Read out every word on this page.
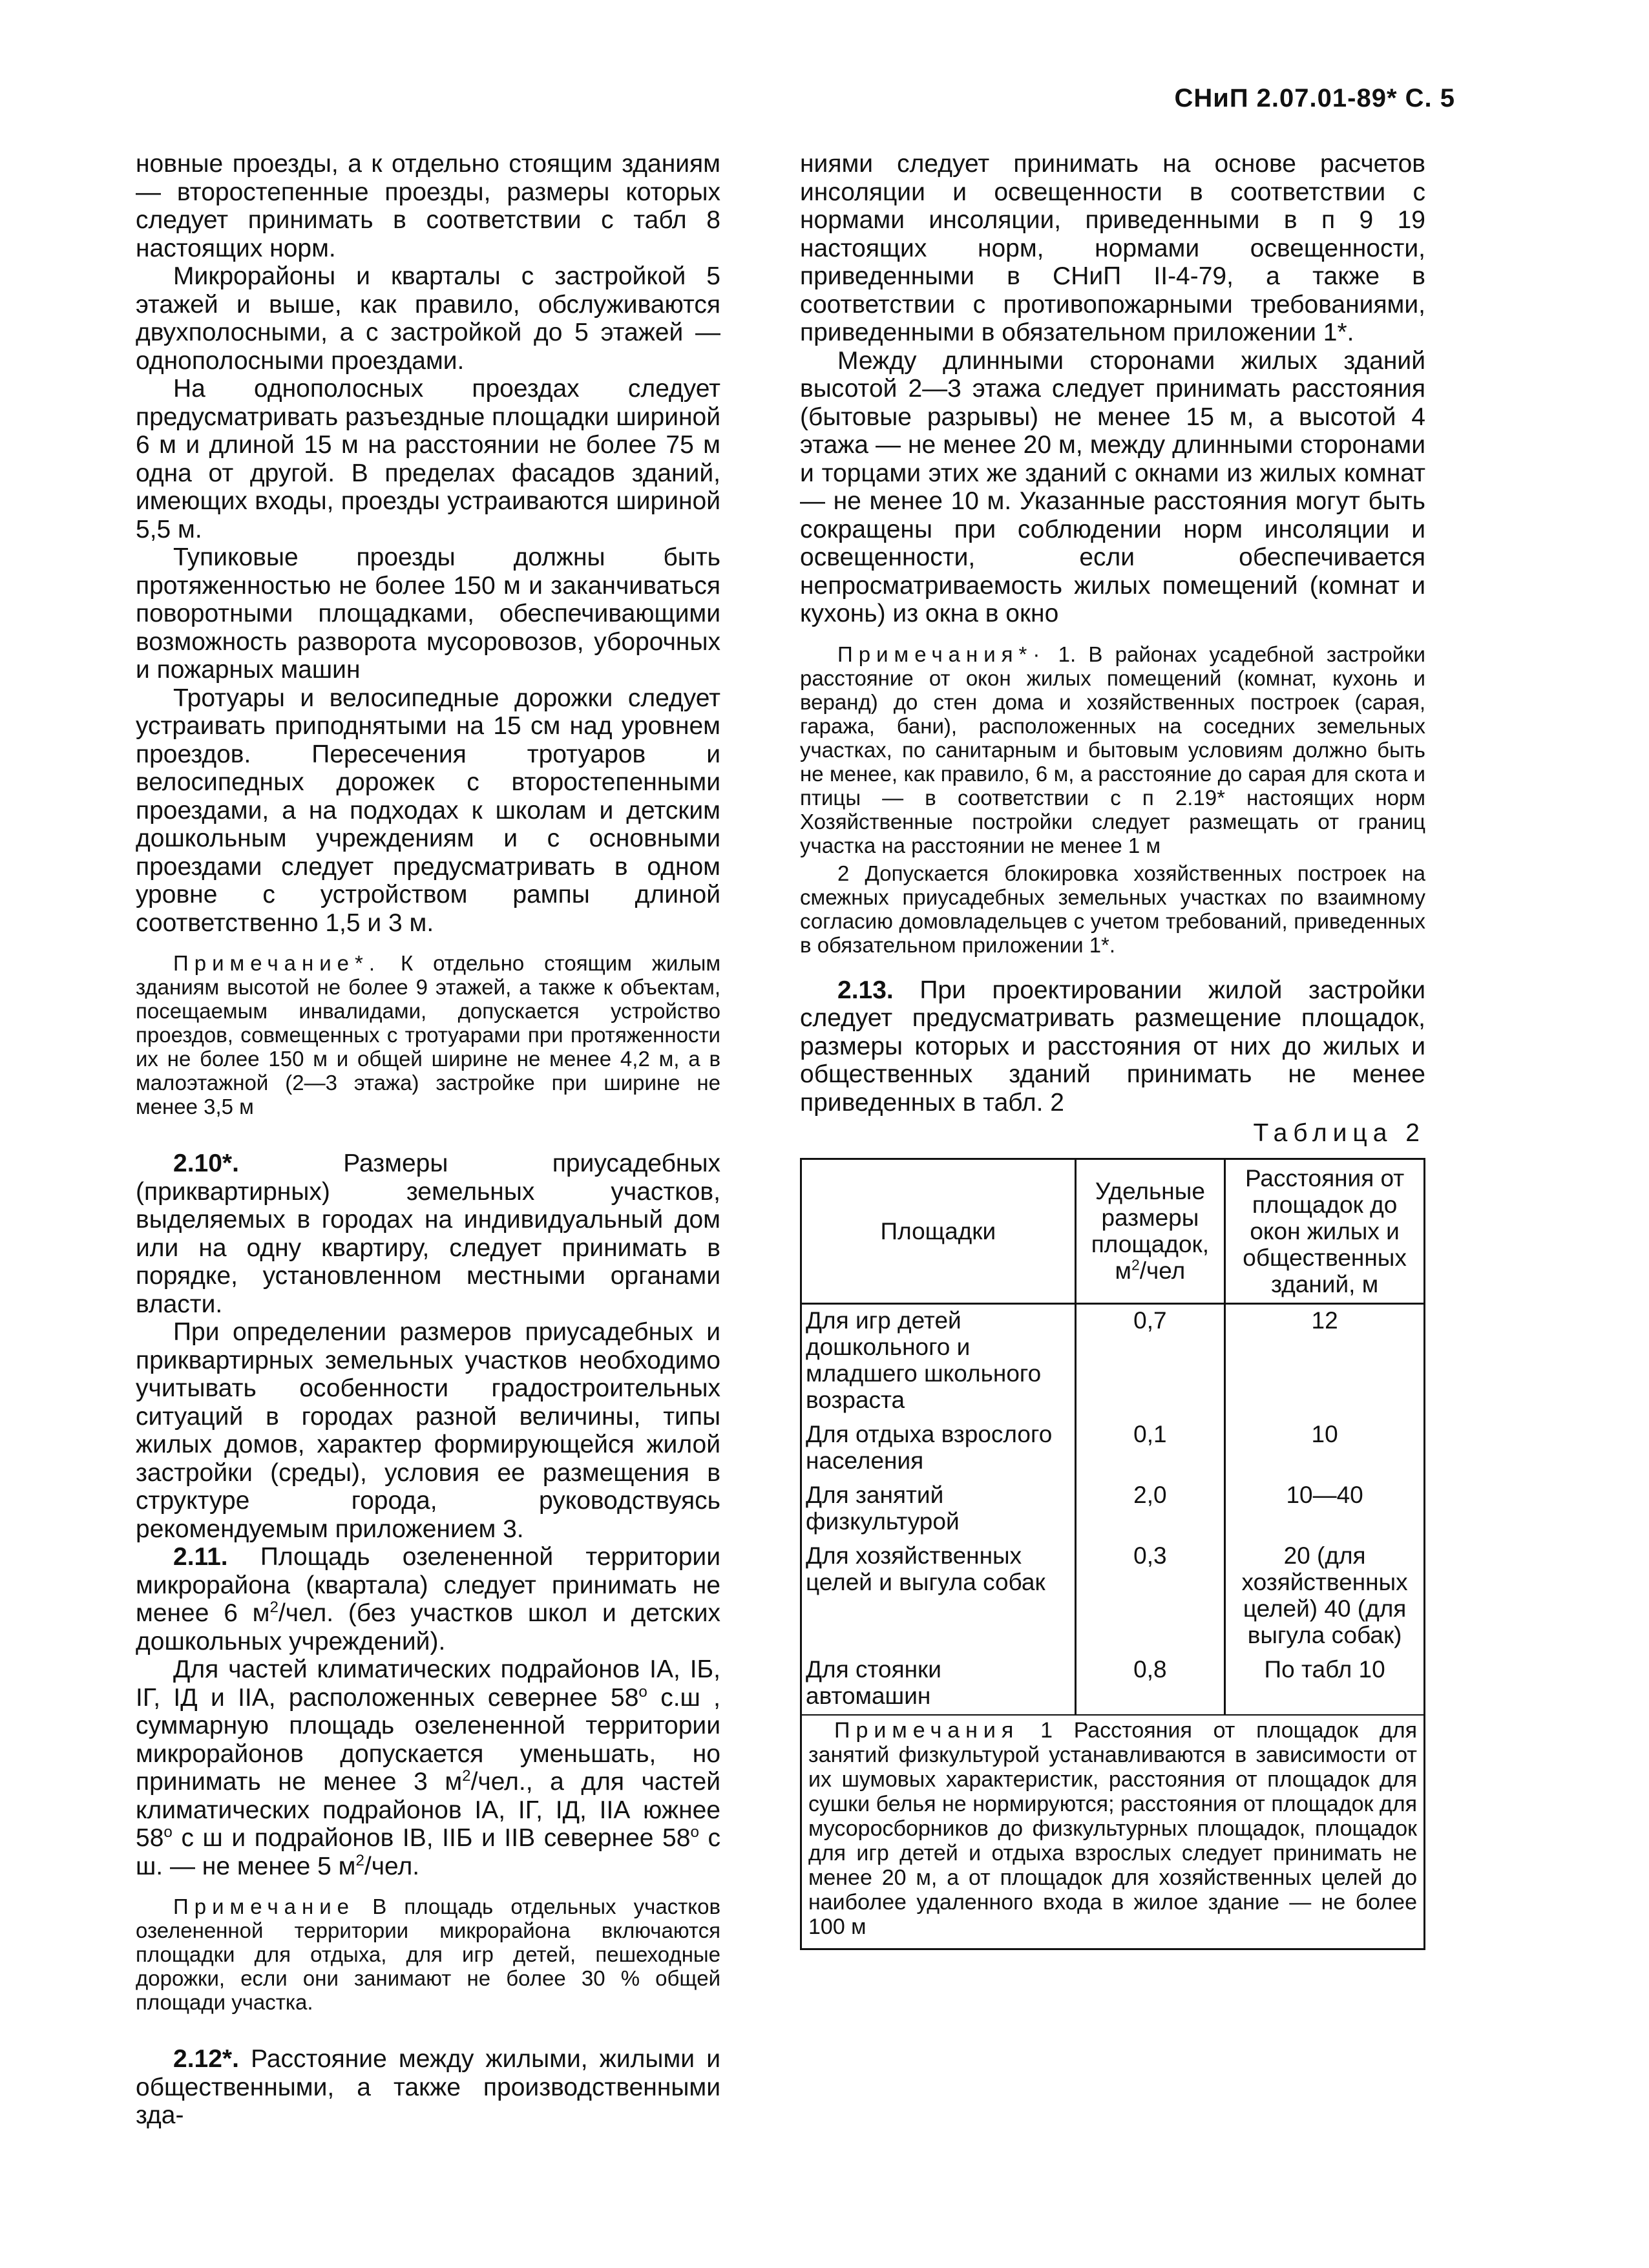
СНиП 2.07.01-89* С. 5

новные проезды, а к отдельно стоящим зданиям — второстепенные проезды, размеры которых следует принимать в соответствии с табл 8 настоящих норм.

Микрорайоны и кварталы с застройкой 5 этажей и выше, как правило, обслуживаются двухполосными, а с застройкой до 5 этажей —однополосными проездами.

На однополосных проездах следует предусматривать разъездные площадки шириной 6 м и длиной 15 м на расстоянии не более 75 м одна от другой. В пределах фасадов зданий, имеющих входы, проезды устраиваются шириной 5,5 м.

Тупиковые проезды должны быть протяженностью не более 150 м и заканчиваться поворотными площадками, обеспечивающими возможность разворота мусоровозов, уборочных и пожарных машин

Тротуары и велосипедные дорожки следует устраивать приподнятыми на 15 см над уровнем проездов. Пересечения тротуаров и велосипедных дорожек с второстепенными проездами, а на подходах к школам и детским дошкольным учреждениям и с основными проездами следует предусматривать в одном уровне с устройством рампы длиной соответственно 1,5 и 3 м.

Примечание*. К отдельно стоящим жилым зданиям высотой не более 9 этажей, а также к объектам, посещаемым инвалидами, допускается устройство проездов, совмещенных с тротуарами при протяженности их не более 150 м и общей ширине не менее 4,2 м, а в малоэтажной (2—3 этажа) застройке при ширине не менее 3,5 м

2.10*.	Размеры приусадебных (приквартирных) земельных участков, выделяемых в городах на индивидуальный дом или на одну квартиру, следует принимать в порядке, установленном местными органами власти.

При определении размеров приусадебных и приквартирных земельных участков необходимо учитывать особенности градостроительных ситуаций в городах разной величины, типы жилых домов, характер формирующейся жилой застройки (среды), условия ее размещения в структуре города, руководствуясь рекомендуемым приложением 3.

2.11. Площадь озелененной территории микрорайона (квартала) следует принимать не менее 6 $м^2$/чел. (без участков школ и детских дошкольных учреждений).

Для частей климатических подрайонов IА, IБ, IГ, IД и IIА, расположенных севернее $58^о$ с.ш , суммарную площадь озелененной территории микрорайонов допускается уменьшать, но принимать не менее 3 $м^2$/чел., а для частей климатических подрайонов IА, IГ, IД, IIА южнее $58^о$ с ш и подрайонов IВ, IIБ и IIВ севернее $58^о$ с ш. — не менее 5 $м^2$/чел.

Примечание В площадь отдельных участков озелененной территории микрорайона включаются площадки для отдыха, для игр детей, пешеходные дорожки, если они занимают не более 30 % общей площади участка.

2.12*. Расстояние между жилыми, жилыми и общественными, а также производственными зда-

ниями следует принимать на основе расчетов инсоляции и освещенности в соответствии с нормами инсоляции, приведенными в п 9 19 настоящих норм, нормами освещенности, приведенными в СНиП II-4-79, а также в соответствии с противопожарными требованиями, приведенными в обязательном приложении 1*.

Между длинными сторонами жилых зданий высотой 2—3 этажа следует принимать расстояния (бытовые разрывы) не менее 15 м, а высотой 4 этажа — не менее 20 м, между длинными сторонами и торцами этих же зданий с окнами из жилых комнат — не менее 10 м. Указанные расстояния могут быть сокращены при соблюдении норм инсоляции и освещенности, если обеспечивается непросматриваемость жилых помещений (комнат и кухонь) из окна в окно

Примечания*· 1. В районах усадебной застройки расстояние от окон жилых помещений (комнат, кухонь и веранд) до стен дома и хозяйственных построек (сарая, гаража, бани), расположенных на соседних земельных участках, по санитарным и бытовым условиям должно быть не менее, как правило, 6 м, а расстояние до сарая для скота и птицы — в соответствии с п 2.19* настоящих норм Хозяйственные постройки следует размещать от границ участка на расстоянии не менее 1 м

2 Допускается блокировка хозяйственных построек на смежных приусадебных земельных участках по взаимному согласию домовладельцев с учетом требований, приведенных в обязательном приложении 1*.

2.13. При проектировании жилой застройки следует предусматривать размещение площадок, размеры которых и расстояния от них до жилых и общественных зданий принимать не менее приведенных в табл. 2

Таблица 2

Площадки	Удельные размеры площадок, $м^2$/чел	Расстояния от площадок до окон жилых и общественных зданий, м
Для игр детей дошкольного и младшего школьного возраста	0,7	12
Для отдыха взрослого населения	0,1	10
Для занятий физкультурой	2,0	10—40
Для хозяйственных целей и выгула собак	0,3	20 (для хозяйственных целей) 40 (для выгула собак)
Для стоянки автомашин	0,8	По табл 10
Примечания 1 Расстояния от площадок для занятий физкультурой устанавливаются в зависимости от их шумовых характеристик, расстояния от площадок для сушки белья не нормируются; расстояния от площадок для мусоросборников до физкультурных площадок, площадок для игр детей и отдыха взрослых следует принимать не менее 20 м, а от площадок для хозяйственных целей до наиболее удаленного входа в жилое здание — не более 100 м		
